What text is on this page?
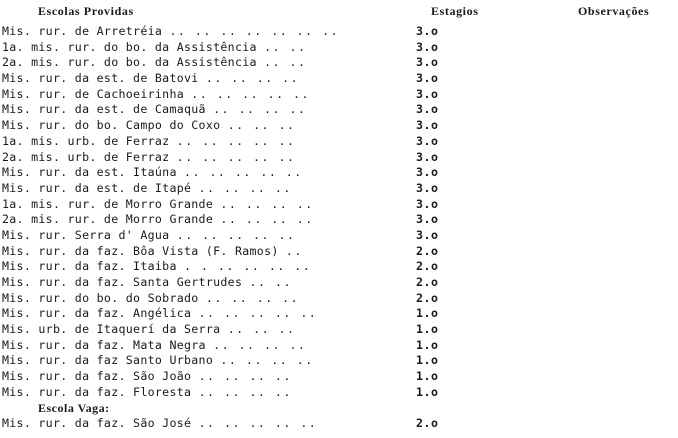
Escolas Providas	Estagios	Observações
Mis. rur. de Arretréia .. .. .. .. .. .. ..	3.o
1a. mis. rur. do bo. da Assistência .. ..	3.o
2a. mis. rur. do bo. da Assistência .. ..	3.o
Mis. rur. da est. de Batovi .. .. .. ..	3.o
Mis. rur. de Cachoeirinha .. .. .. .. ..	3.o
Mis. rur. da est. de Camaquã .. .. .. ..	3.o
Mis. rur. do bo. Campo do Coxo .. .. ..	3.o
1a. mis. urb. de Ferraz .. .. .. .. ..	3.o
2a. mis. urb. de Ferraz .. .. .. .. ..	3.o
Mis. rur. da est. Itaúna .. .. .. .. ..	3.o
Mis. rur. da est. de Itapé .. .. .. ..	3.o
1a. mis. rur. de Morro Grande .. .. .. ..	3.o
2a. mis. rur. de Morro Grande .. .. .. ..	3.o
Mis. rur. Serra d' Agua .. .. .. .. ..	3.o
Mis. rur. da faz. Bôa Vista (F. Ramos) ..	2.o
Mis. rur. da faz. Itaiba . . .. .. .. ..	2.o
Mis. rur. da faz. Santa Gertrudes .. ..	2.o
Mis. rur. do bo. do Sobrado .. .. .. ..	2.o
Mis. rur. da faz. Angélica .. .. .. .. ..	1.o
Mis. urb. de Itaquerí da Serra .. .. ..	1.o
Mis. rur. da faz. Mata Negra .. .. .. ..	1.o
Mis. rur. da faz Santo Urbano .. .. .. ..	1.o
Mis. rur. da faz. São João .. .. .. ..	1.o
Mis. rur. da faz. Floresta .. .. .. ..	1.o
Escola Vaga:
Mis. rur. da faz. São José .. .. .. .. ..	2.o
